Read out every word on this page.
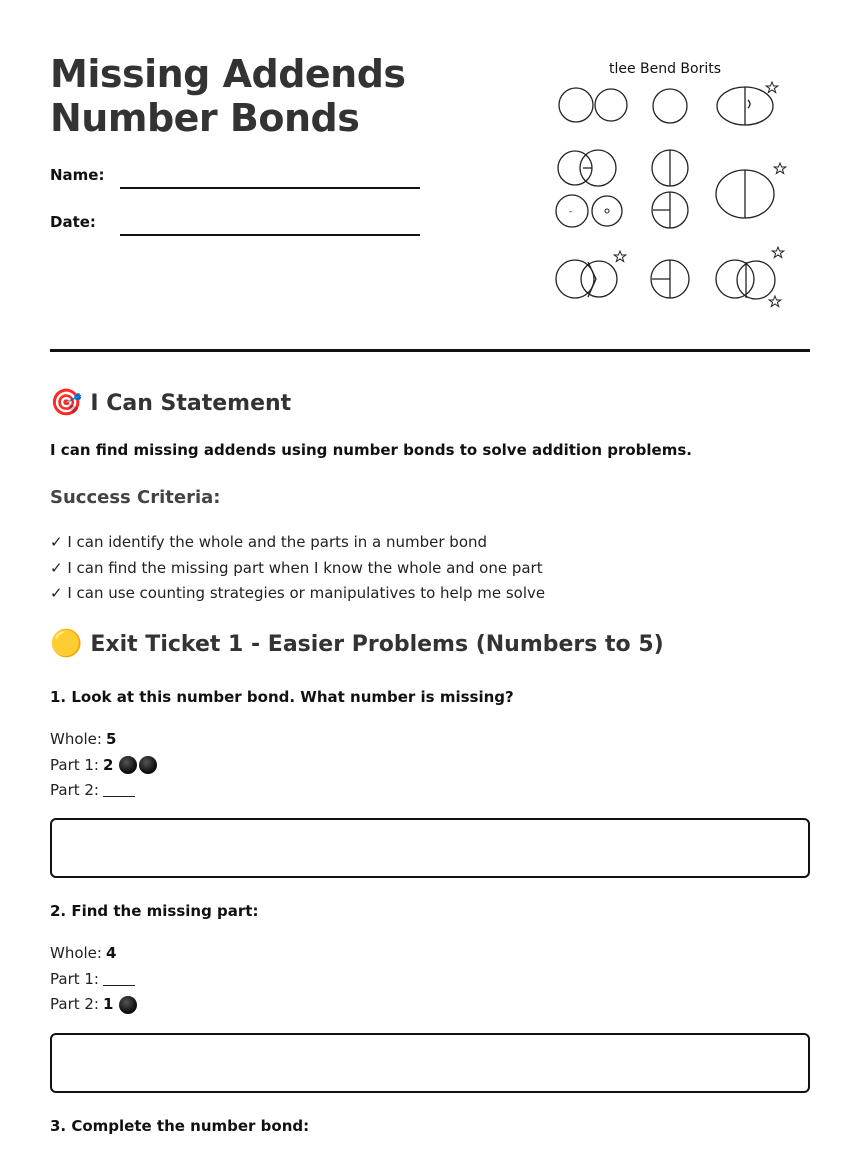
Missing Addends
Number Bonds
Name:
Date:
tlee Bend Borits
-
🎯 I Can Statement
I can find missing addends using number bonds to solve addition problems.
Success Criteria:
✓ I can identify the whole and the parts in a number bond
✓ I can find the missing part when I know the whole and one part
✓ I can use counting strategies or manipulatives to help me solve
🟡 Exit Ticket 1 - Easier Problems (Numbers to 5)
1. Look at this number bond. What number is missing?
Whole: 5
Part 1: 2
Part 2:
2. Find the missing part:
Whole: 4
Part 1:
Part 2: 1
3. Complete the number bond:
